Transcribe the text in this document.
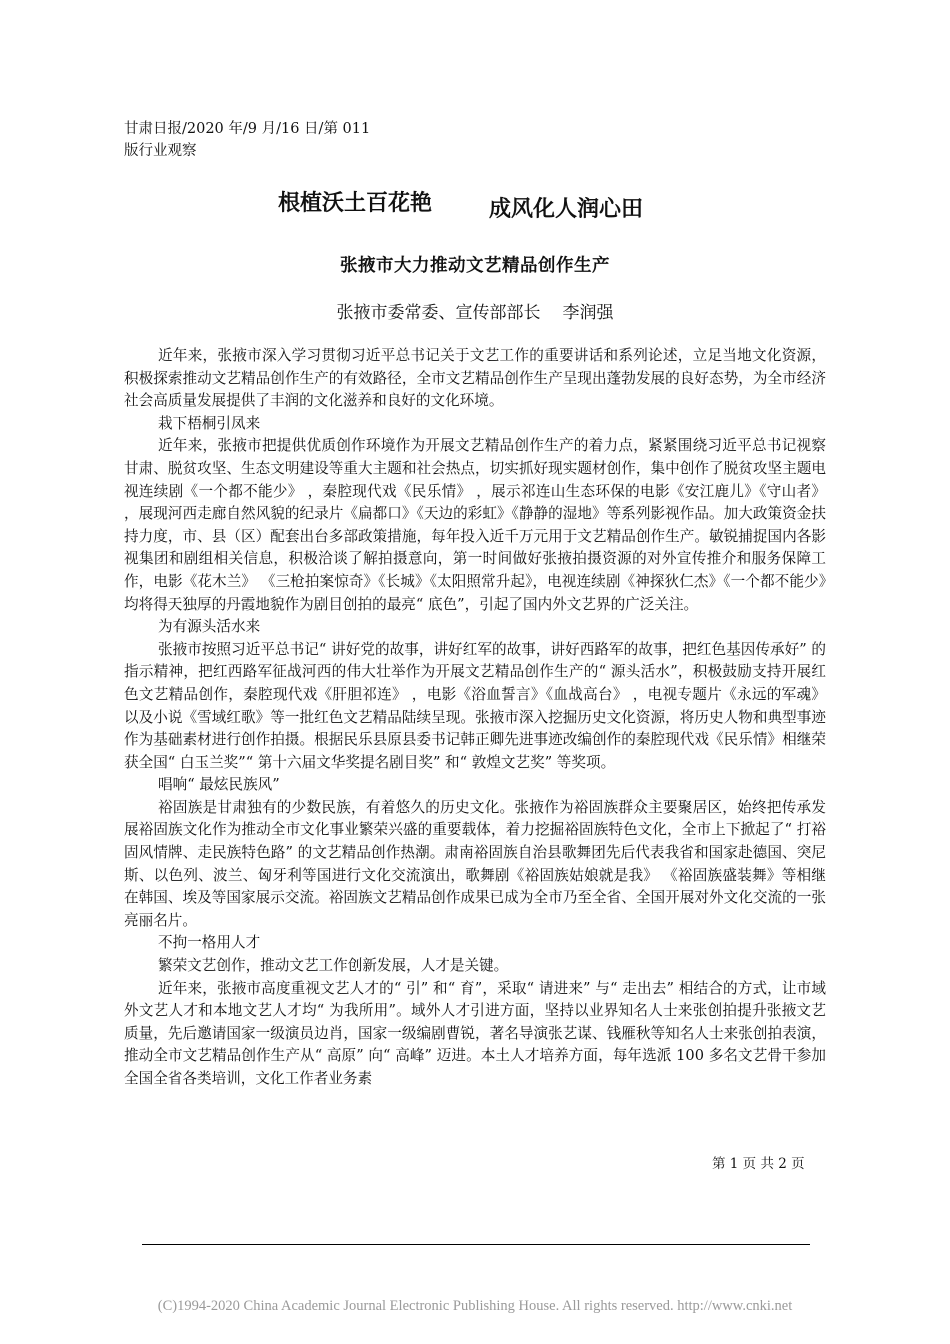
甘肃日报/2020 年/9 月/16 日/第 011
版行业观察
根植沃土百花艳	成风化人润心田
张掖市大力推动文艺精品创作生产
张掖市委常委、宣传部部长 李润强

近年来，张掖市深入学习贯彻习近平总书记关于文艺工作的重要讲话和系列论述，立足当地文化资源，积极探索推动文艺精品创作生产的有效路径，全市文艺精品创作生产呈现出蓬勃发展的良好态势，为全市经济社会高质量发展提供了丰润的文化滋养和良好的文化环境。

栽下梧桐引凤来

近年来，张掖市把提供优质创作环境作为开展文艺精品创作生产的着力点，紧紧围绕习近平总书记视察甘肃、脱贫攻坚、生态文明建设等重大主题和社会热点，切实抓好现实题材创作，集中创作了脱贫攻坚主题电视连续剧《一个都不能少》 ，秦腔现代戏《民乐情》 ，展示祁连山生态环保的电影《安江鹿儿》《守山者》 ，展现河西走廊自然风貌的纪录片《扁都口》《天边的彩虹》《静静的湿地》等系列影视作品。加大政策资金扶持力度，市、县（区）配套出台多部政策措施，每年投入近千万元用于文艺精品创作生产。敏锐捕捉国内各影视集团和剧组相关信息，积极洽谈了解拍摄意向，第一时间做好张掖拍摄资源的对外宣传推介和服务保障工作，电影《花木兰》 《三枪拍案惊奇》《长城》《太阳照常升起》，电视连续剧《神探狄仁杰》《一个都不能少》均将得天独厚的丹霞地貌作为剧目创拍的最亮“ 底色”，引起了国内外文艺界的广泛关注。

为有源头活水来

张掖市按照习近平总书记“ 讲好党的故事，讲好红军的故事，讲好西路军的故事，把红色基因传承好” 的指示精神，把红西路军征战河西的伟大壮举作为开展文艺精品创作生产的“ 源头活水”，积极鼓励支持开展红色文艺精品创作，秦腔现代戏《肝胆祁连》 ，电影《浴血誓言》《血战高台》 ，电视专题片《永远的军魂》以及小说《雪域红歌》等一批红色文艺精品陆续呈现。张掖市深入挖掘历史文化资源，将历史人物和典型事迹作为基础素材进行创作拍摄。根据民乐县原县委书记韩正卿先进事迹改编创作的秦腔现代戏《民乐情》相继荣获全国“ 白玉兰奖”“ 第十六届文华奖提名剧目奖” 和“ 敦煌文艺奖” 等奖项。

唱响“ 最炫民族风”

裕固族是甘肃独有的少数民族，有着悠久的历史文化。张掖作为裕固族群众主要聚居区，始终把传承发展裕固族文化作为推动全市文化事业繁荣兴盛的重要载体，着力挖掘裕固族特色文化，全市上下掀起了“ 打裕固风情牌、走民族特色路” 的文艺精品创作热潮。肃南裕固族自治县歌舞团先后代表我省和国家赴德国、突尼斯、以色列、波兰、匈牙利等国进行文化交流演出，歌舞剧《裕固族姑娘就是我》 《裕固族盛装舞》等相继在韩国、埃及等国家展示交流。裕固族文艺精品创作成果已成为全市乃至全省、全国开展对外文化交流的一张亮丽名片。

不拘一格用人才

繁荣文艺创作，推动文艺工作创新发展，人才是关键。

近年来，张掖市高度重视文艺人才的“ 引” 和“ 育”，采取“ 请进来” 与“ 走出去” 相结合的方式，让市域外文艺人才和本地文艺人才均“ 为我所用”。域外人才引进方面，坚持以业界知名人士来张创拍提升张掖文艺质量，先后邀请国家一级演员边肖，国家一级编剧曹锐，著名导演张艺谋、钱雁秋等知名人士来张创拍表演，推动全市文艺精品创作生产从“ 高原” 向“ 高峰” 迈进。本土人才培养方面，每年选派 100 多名文艺骨干参加全国全省各类培训，文化工作者业务素

第 1 页 共 2 页
(C)1994-2020 China Academic Journal Electronic Publishing House. All rights reserved. http://www.cnki.net
